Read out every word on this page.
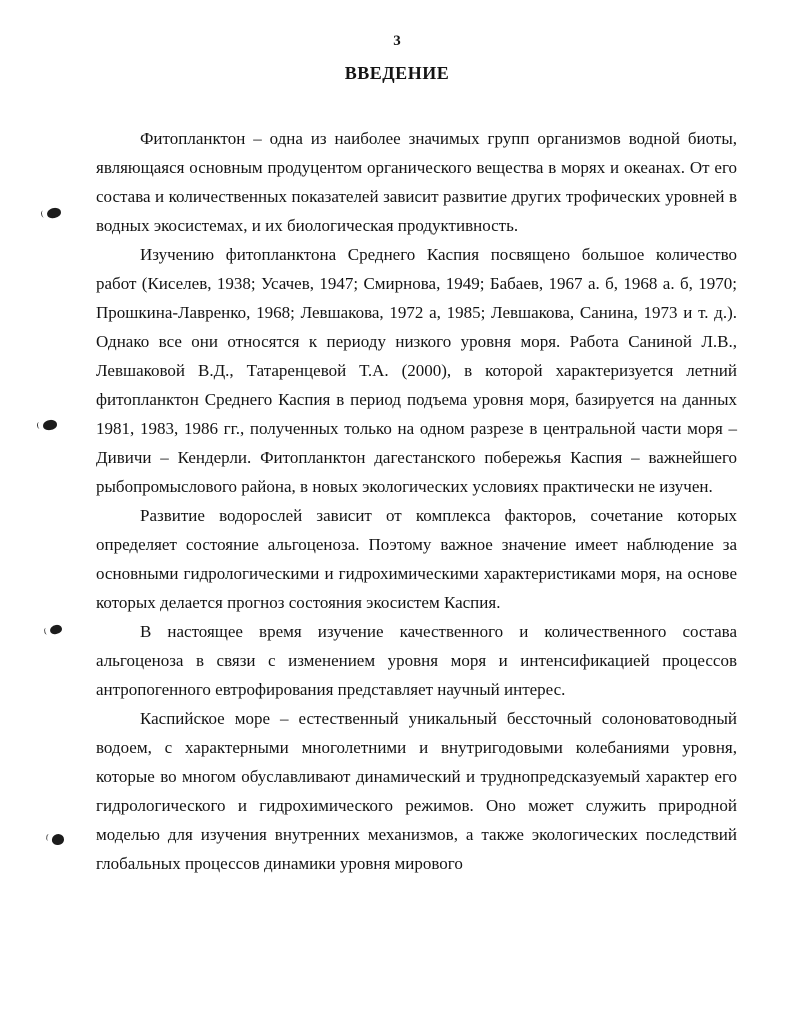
3
ВВЕДЕНИЕ

Фитопланктон – одна из наиболее значимых групп организмов водной биоты, являющаяся основным продуцентом органического вещества в морях и океанах. От его состава и количественных показателей зависит развитие других трофических уровней в водных экосистемах, и их биологическая продуктивность.

Изучению фитопланктона Среднего Каспия посвящено большое количество работ (Киселев, 1938; Усачев, 1947; Смирнова, 1949; Бабаев, 1967 а. б, 1968 а. б, 1970; Прошкина-Лавренко, 1968; Левшакова, 1972 а, 1985; Левшакова, Санина, 1973 и т. д.). Однако все они относятся к периоду низкого уровня моря. Работа Саниной Л.В., Левшаковой В.Д., Татаренцевой Т.А. (2000), в которой характеризуется летний фитопланктон Среднего Каспия в период подъема уровня моря, базируется на данных 1981, 1983, 1986 гг., полученных только на одном разрезе в центральной части моря – Дивичи – Кендерли. Фитопланктон дагестанского побережья Каспия – важнейшего рыбопромыслового района, в новых экологических условиях практически не изучен.

Развитие водорослей зависит от комплекса факторов, сочетание которых определяет состояние альгоценоза. Поэтому важное значение имеет наблюдение за основными гидрологическими и гидрохимическими характеристиками моря, на основе которых делается прогноз состояния экосистем Каспия.

В настоящее время изучение качественного и количественного состава альгоценоза в связи с изменением уровня моря и интенсификацией процессов антропогенного евтрофирования представляет научный интерес.

Каспийское море – естественный уникальный бессточный солоноватоводный водоем, с характерными многолетними и внутригодовыми колебаниями уровня, которые во многом обуславливают динамический и труднопредсказуемый характер его гидрологического и гидрохимического режимов. Оно может служить природной моделью для изучения внутренних механизмов, а также экологических последствий глобальных процессов динамики уровня мирового
